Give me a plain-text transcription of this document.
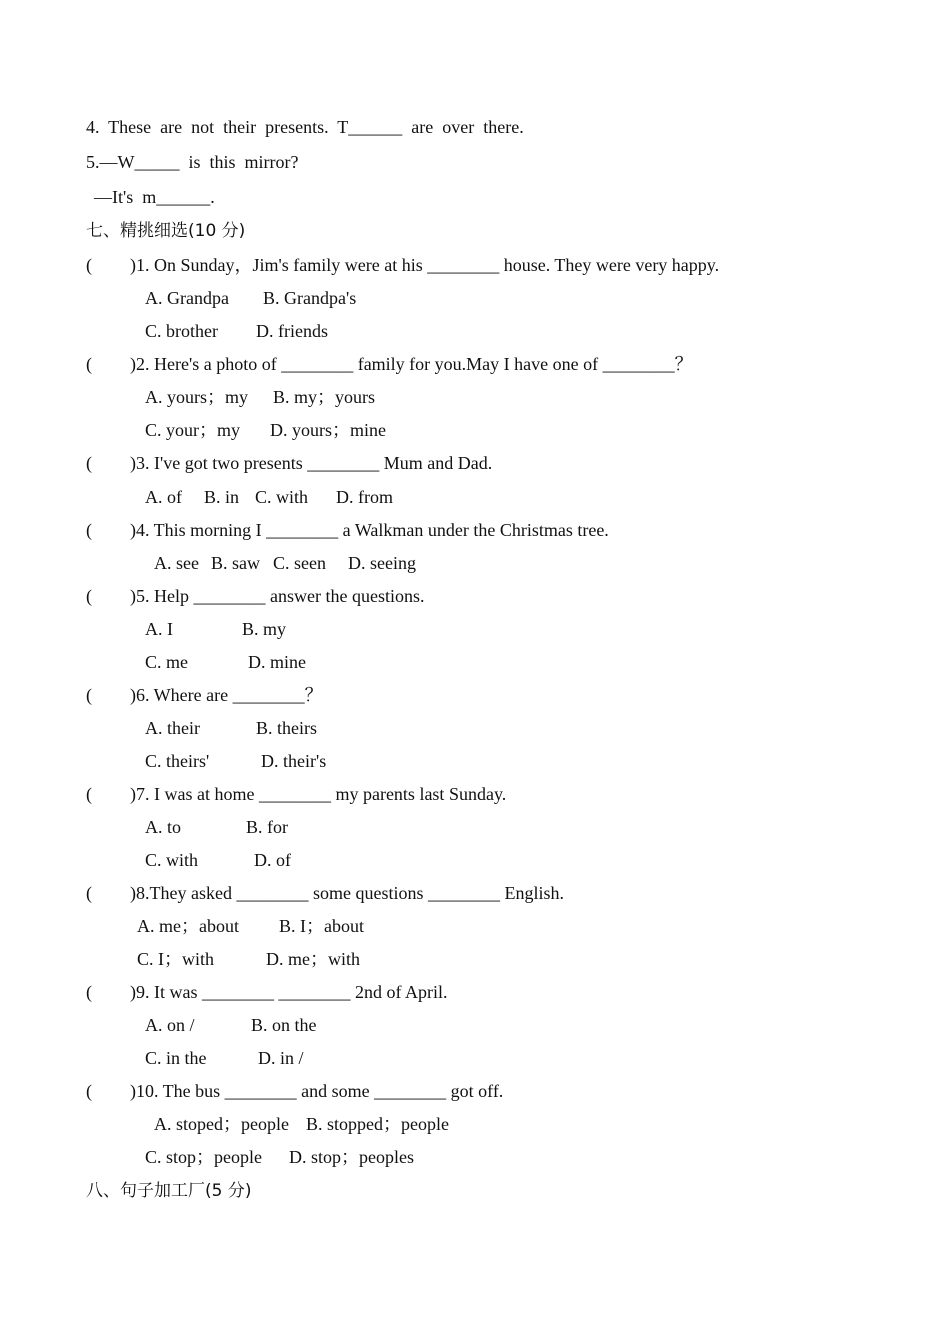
4.  These  are  not  their  presents.  T______  are  over  there.
5.—W_____  is  this  mirror?
—It's  m______.
七、精挑细选(10 分)
( )1. On Sunday，Jim's family were at his ________ house. They were very happy.
A. Grandpa B. Grandpa's
C. brother D. friends
( )2. Here's a photo of ________ family for you.May I have one of ________？
A. yours；my B. my；yours
C. your；my D. yours；mine
( )3. I've got two presents ________ Mum and Dad.
A. of B. in C. with D. from
( )4. This morning I ________ a Walkman under the Christmas tree.
A. see B. saw C. seen D. seeing
( )5. Help ________ answer the questions.
A. I	B. my
C. me	D. mine
( )6. Where are ________？
A. their	B. theirs
C. theirs'	D. their's
( )7. I was at home ________ my parents last Sunday.
A. to	B. for
C. with	D. of
( )8.They asked ________ some questions ________ English.
A. me；about B. I；about
C. I；with	D. me；with
( )9. It was ________ ________ 2nd of April.
A. on /	B. on the
C. in the	D. in /
( )10. The bus ________ and some ________ got off.
A. stoped；people B. stopped；people
C. stop；people D. stop；peoples
八、句子加工厂(5 分)
